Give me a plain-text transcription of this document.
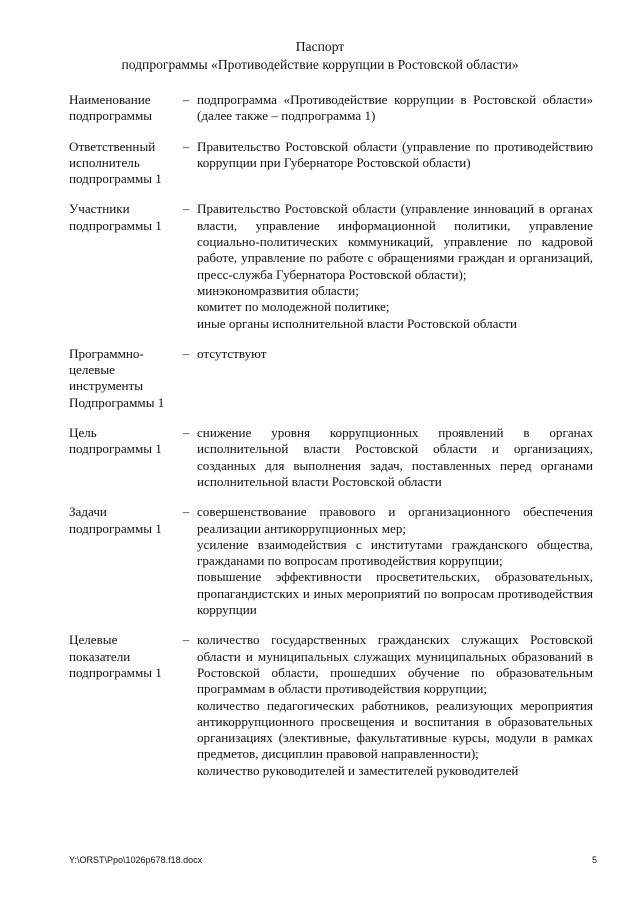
Паспорт
подпрограммы «Противодействие коррупции в Ростовской области»
Наименование
подпрограммы
– подпрограмма «Противодействие коррупции в Ростовской области» (далее также – подпрограмма 1)

Ответственный
исполнитель
подпрограммы 1
– Правительство Ростовской области (управление по противодействию коррупции при Губернаторе Ростовской области)

Участники
подпрограммы 1
– Правительство Ростовской области (управление инноваций в органах власти, управление информационной политики, управление социально-политических коммуникаций, управление по кадровой работе, управление по работе с обращениями граждан и организаций, пресс-служба Губернатора Ростовской области);

минэкономразвития области;

комитет по молодежной политике;

иные органы исполнительной власти Ростовской области

Программно-
целевые
инструменты
Подпрограммы 1
– отсутствуют

Цель
подпрограммы 1
– снижение уровня коррупционных проявлений в органах исполнительной власти Ростовской области и организациях, созданных для выполнения задач, поставленных перед органами исполнительной власти Ростовской области

Задачи
подпрограммы 1
– совершенствование правового и организационного обеспечения реализации антикоррупционных мер;

усиление взаимодействия с институтами гражданского общества, гражданами по вопросам противодействия коррупции;

повышение эффективности просветительских, образовательных, пропагандистских и иных мероприятий по вопросам противодействия коррупции

Целевые
показатели
подпрограммы 1
– количество государственных гражданских служащих Ростовской области и муниципальных служащих муниципальных образований в Ростовской области, прошедших обучение по образовательным программам в области противодействия коррупции;

количество педагогических работников, реализующих мероприятия антикоррупционного просвещения и воспитания в образовательных организациях (элективные, факультативные курсы, модули в рамках предметов, дисциплин правовой направленности);

количество руководителей и заместителей руководителей

Y:\ORST\Ppo\1026p678.f18.docx	5
